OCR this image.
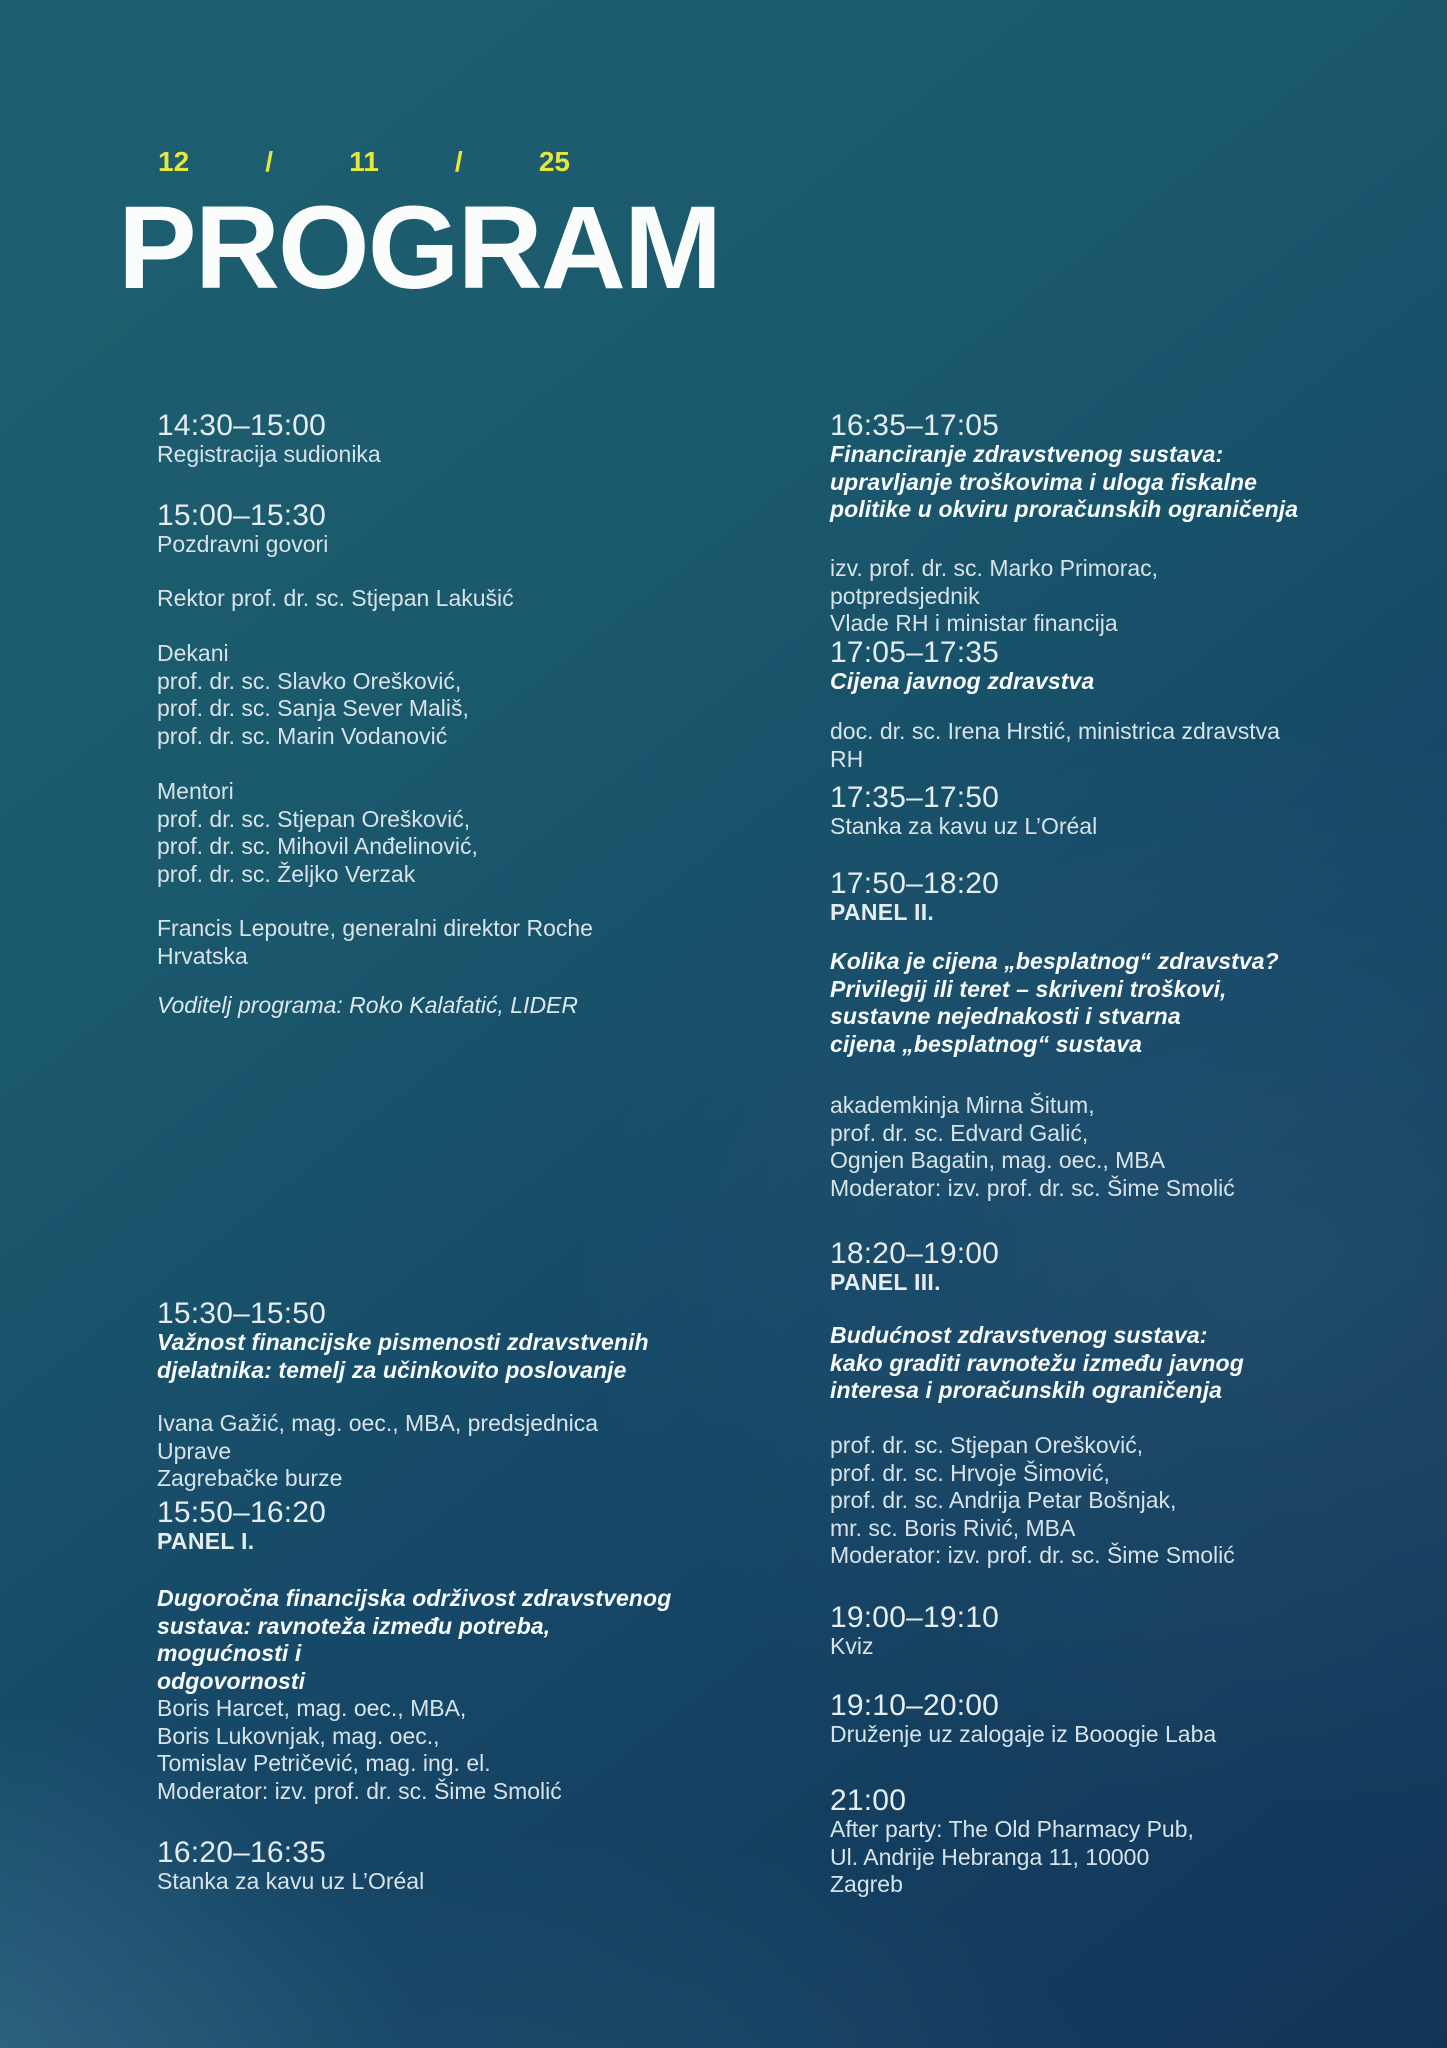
12	/	11	/	25
PROGRAM
14:30–15:00
Registracija sudionika
15:00–15:30
Pozdravni govori
Rektor prof. dr. sc. Stjepan Lakušić
Dekani
prof. dr. sc. Slavko Orešković,
prof. dr. sc. Sanja Sever Mališ,
prof. dr. sc. Marin Vodanović
Mentori
prof. dr. sc. Stjepan Orešković,
prof. dr. sc. Mihovil Anđelinović,
prof. dr. sc. Željko Verzak
Francis Lepoutre, generalni direktor Roche
Hrvatska
Voditelj programa: Roko Kalafatić, LIDER
15:30–15:50
Važnost financijske pismenosti zdravstvenih
djelatnika: temelj za učinkovito poslovanje
Ivana Gažić, mag. oec., MBA, predsjednica Uprave
Zagrebačke burze
15:50–16:20
PANEL I.
Dugoročna financijska održivost zdravstvenog
sustava: ravnoteža između potreba, mogućnosti i
odgovornosti
Boris Harcet, mag. oec., MBA,
Boris Lukovnjak, mag. oec.,
Tomislav Petričević, mag. ing. el.
Moderator: izv. prof. dr. sc. Šime Smolić
16:20–16:35
Stanka za kavu uz L’Oréal
16:35–17:05
Financiranje zdravstvenog sustava:
upravljanje troškovima i uloga fiskalne
politike u okviru proračunskih ograničenja
izv. prof. dr. sc. Marko Primorac, potpredsjednik
Vlade RH i ministar financija
17:05–17:35
Cijena javnog zdravstva
doc. dr. sc. Irena Hrstić, ministrica zdravstva RH
17:35–17:50
Stanka za kavu uz L’Oréal
17:50–18:20
PANEL II.
Kolika je cijena „besplatnog“ zdravstva?
Privilegij ili teret – skriveni troškovi,
sustavne nejednakosti i stvarna
cijena „besplatnog“ sustava
akademkinja Mirna Šitum,
prof. dr. sc. Edvard Galić,
Ognjen Bagatin, mag. oec., MBA
Moderator: izv. prof. dr. sc. Šime Smolić
18:20–19:00
PANEL III.
Budućnost zdravstvenog sustava:
kako graditi ravnotežu između javnog
interesa i proračunskih ograničenja
prof. dr. sc. Stjepan Orešković,
prof. dr. sc. Hrvoje Šimović,
prof. dr. sc. Andrija Petar Bošnjak,
mr. sc. Boris Rivić, MBA
Moderator: izv. prof. dr. sc. Šime Smolić
19:00–19:10
Kviz
19:10–20:00
Druženje uz zalogaje iz Booogie Laba
21:00
After party: The Old Pharmacy Pub,
Ul. Andrije Hebranga 11, 10000
Zagreb
